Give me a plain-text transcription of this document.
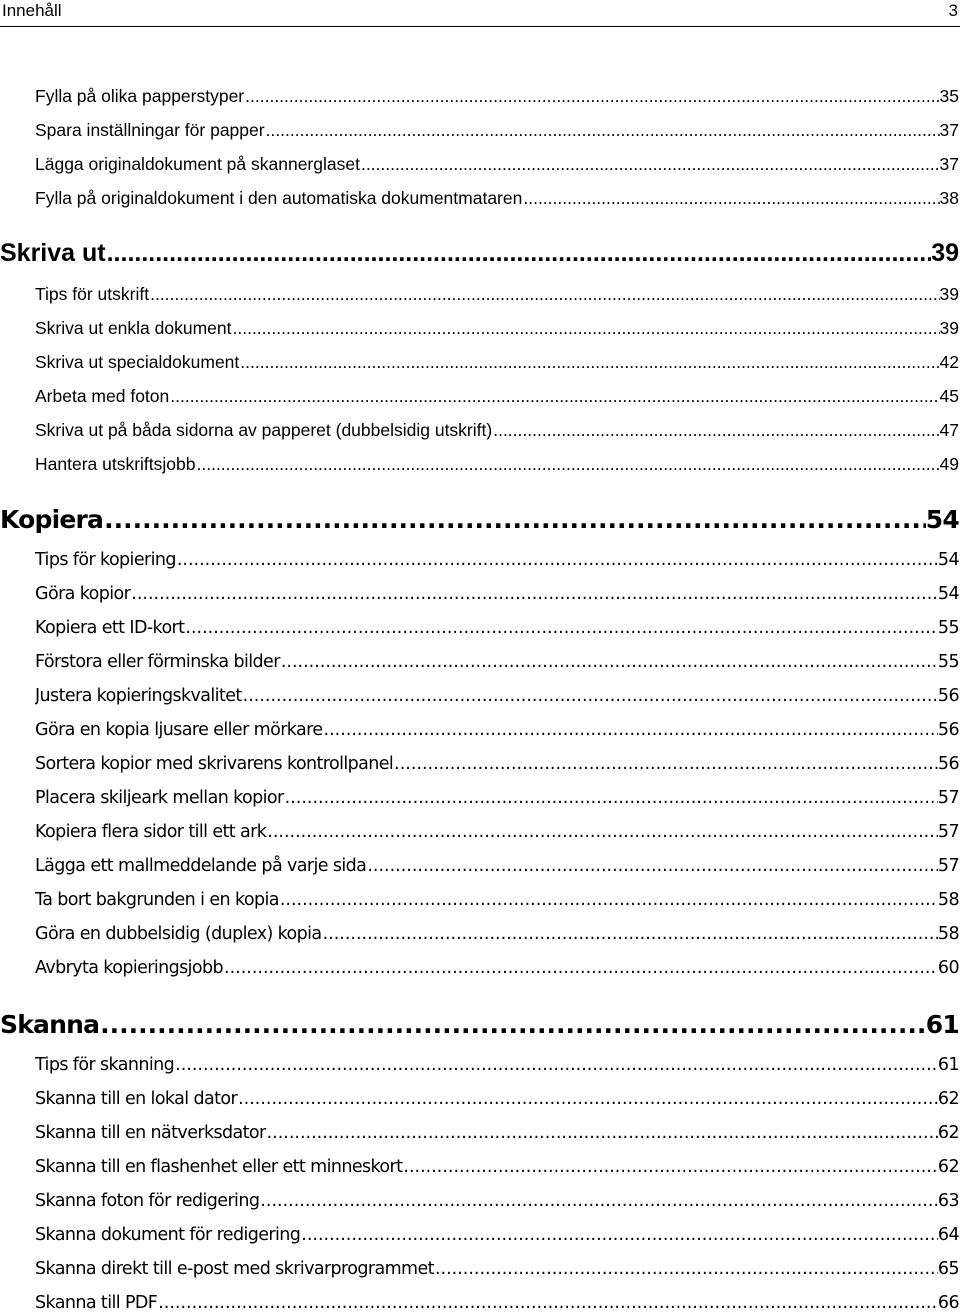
Innehåll	3
Fylla på olika papperstyper .....	35
Spara inställningar för papper .....	37
Lägga originaldokument på skannerglaset .....	37
Fylla på originaldokument i den automatiska dokumentmataren .....	38
Skriva ut .....	39
Tips för utskrift .....	39
Skriva ut enkla dokument .....	39
Skriva ut specialdokument .....	42
Arbeta med foton .....	45
Skriva ut på båda sidorna av papperet (dubbelsidig utskrift) .....	47
Hantera utskriftsjobb .....	49
Kopiera .....	54
Tips för kopiering .....	54
Göra kopior .....	54
Kopiera ett ID-kort .....	55
Förstora eller förminska bilder .....	55
Justera kopieringskvalitet .....	56
Göra en kopia ljusare eller mörkare .....	56
Sortera kopior med skrivarens kontrollpanel .....	56
Placera skiljeark mellan kopior .....	57
Kopiera flera sidor till ett ark .....	57
Lägga ett mallmeddelande på varje sida .....	57
Ta bort bakgrunden i en kopia .....	58
Göra en dubbelsidig (duplex) kopia .....	58
Avbryta kopieringsjobb .....	60
Skanna .....	61
Tips för skanning .....	61
Skanna till en lokal dator .....	62
Skanna till en nätverksdator .....	62
Skanna till en flashenhet eller ett minneskort .....	62
Skanna foton för redigering .....	63
Skanna dokument för redigering .....	64
Skanna direkt till e-post med skrivarprogrammet .....	65
Skanna till PDF .....	66
